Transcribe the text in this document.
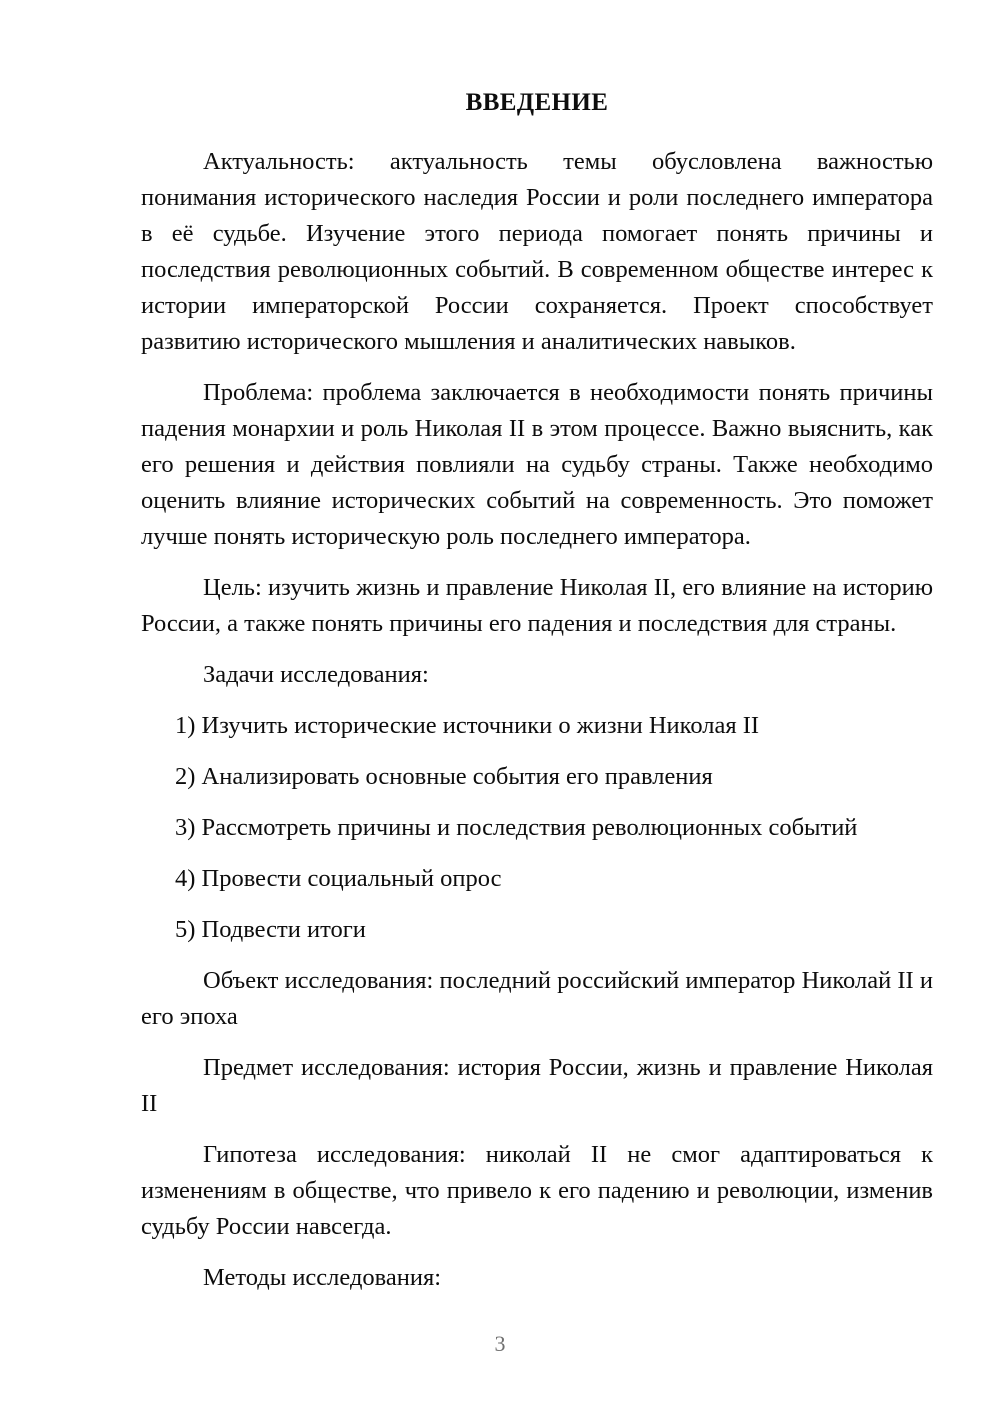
ВВЕДЕНИЕ

Актуальность: актуальность темы обусловлена важностью понимания исторического наследия России и роли последнего императора в её судьбе. Изучение этого периода помогает понять причины и последствия революционных событий. В современном обществе интерес к истории императорской России сохраняется. Проект способствует развитию исторического мышления и аналитических навыков.

Проблема: проблема заключается в необходимости понять причины падения монархии и роль Николая II в этом процессе. Важно выяснить, как его решения и действия повлияли на судьбу страны. Также необходимо оценить влияние исторических событий на современность. Это поможет лучше понять историческую роль последнего императора.

Цель: изучить жизнь и правление Николая II, его влияние на историю России, а также понять причины его падения и последствия для страны.

Задачи исследования:

1) Изучить исторические источники о жизни Николая II
2) Анализировать основные события его правления
3) Рассмотреть причины и последствия революционных событий
4) Провести социальный опрос
5) Подвести итоги

Объект исследования: последний российский император Николай II и его эпоха

Предмет исследования: история России, жизнь и правление Николая II

Гипотеза исследования: николай II не смог адаптироваться к изменениям в обществе, что привело к его падению и революции, изменив судьбу России навсегда.

Методы исследования:

3
